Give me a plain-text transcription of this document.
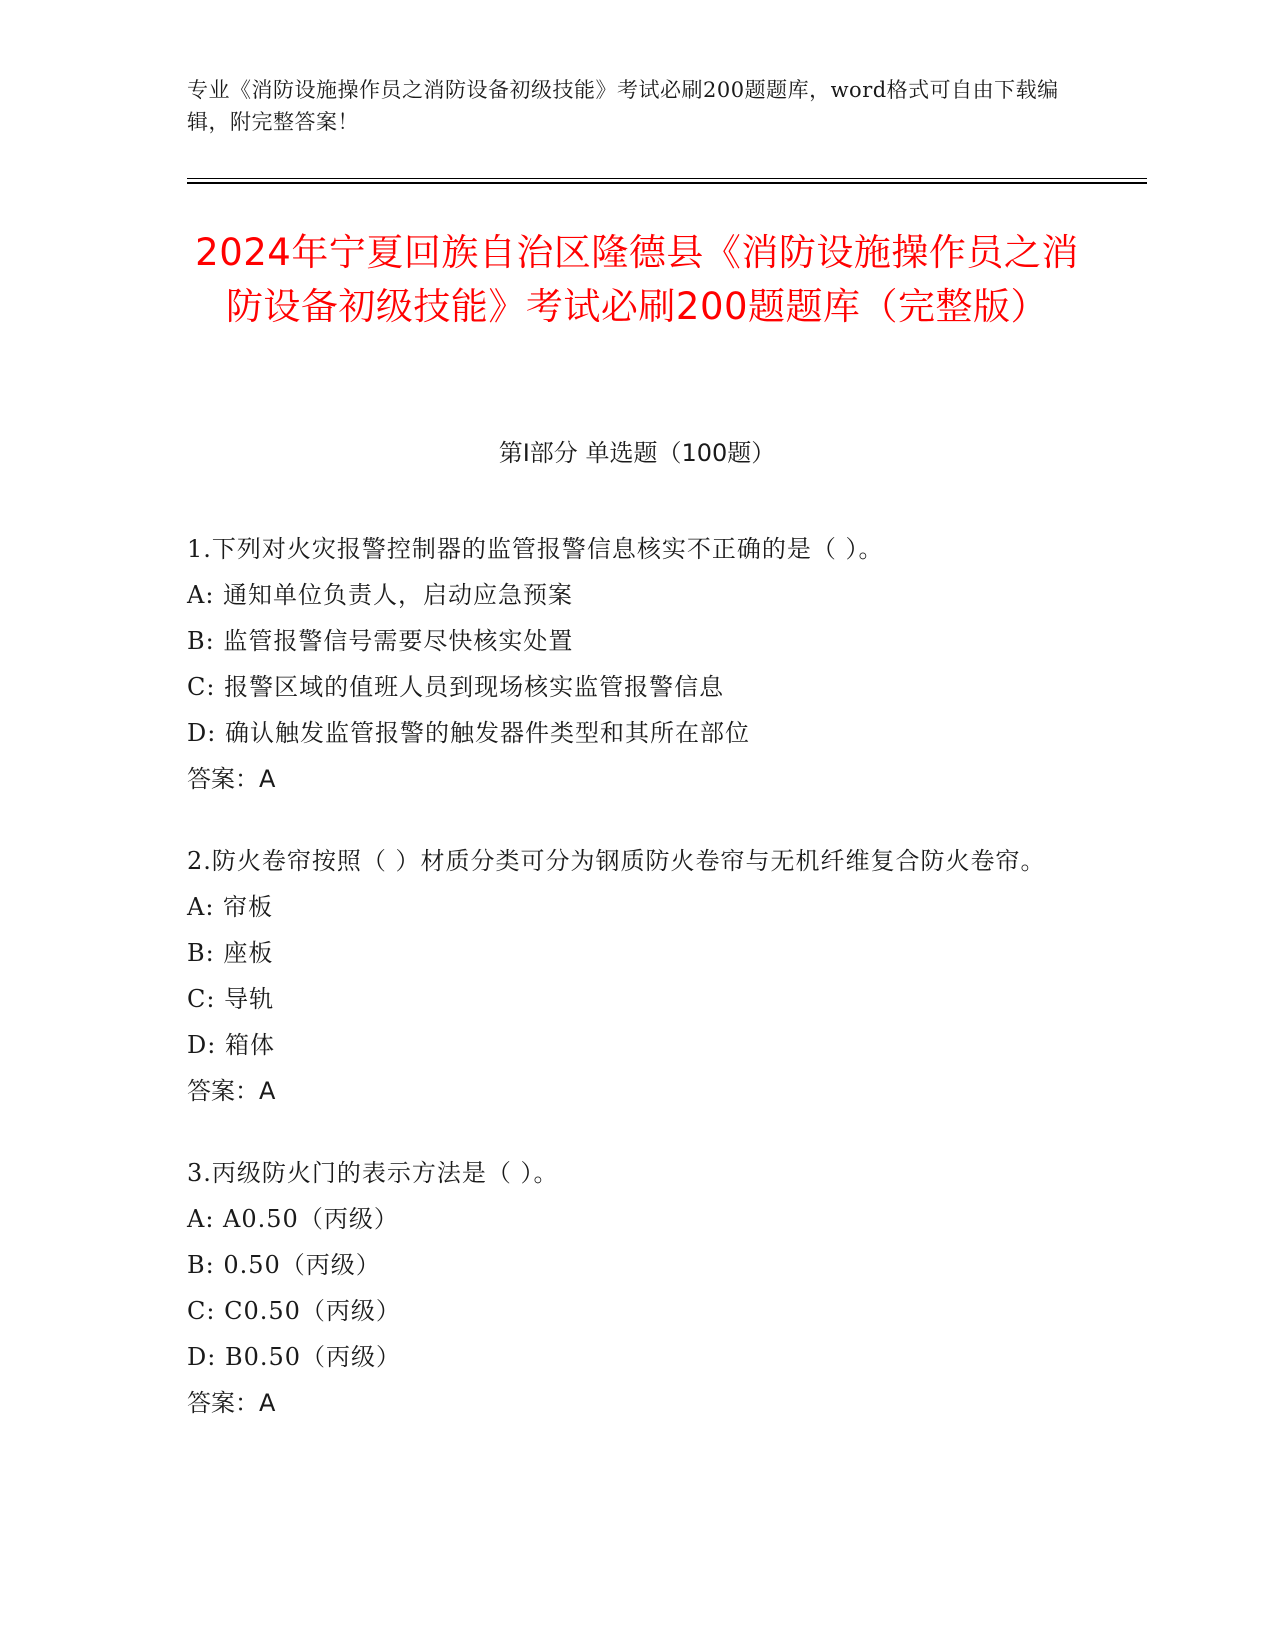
专业《消防设施操作员之消防设备初级技能》考试必刷200题题库，word格式可自由下载编辑，附完整答案！
2024年宁夏回族自治区隆德县《消防设施操作员之消防设备初级技能》考试必刷200题题库（完整版）
第Ⅰ部分 单选题（100题）
1.下列对火灾报警控制器的监管报警信息核实不正确的是（ ）。
A: 通知单位负责人，启动应急预案
B: 监管报警信号需要尽快核实处置
C: 报警区域的值班人员到现场核实监管报警信息
D: 确认触发监管报警的触发器件类型和其所在部位
答案：A
2.防火卷帘按照（ ）材质分类可分为钢质防火卷帘与无机纤维复合防火卷帘。
A: 帘板
B: 座板
C: 导轨
D: 箱体
答案：A
3.丙级防火门的表示方法是（ ）。
A: A0.50（丙级）
B: 0.50（丙级）
C: C0.50（丙级）
D: B0.50（丙级）
答案：A
